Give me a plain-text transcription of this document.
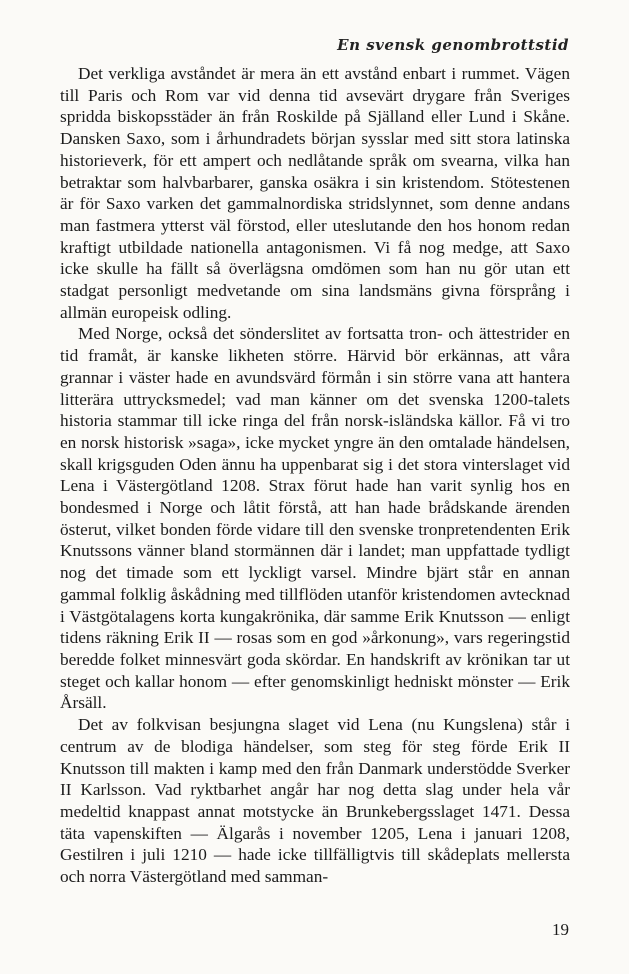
En svensk genombrottstid

Det verkliga avståndet är mera än ett avstånd enbart i rummet. Vägen till Paris och Rom var vid denna tid avsevärt drygare från Sveriges spridda biskopsstäder än från Roskilde på Själland eller Lund i Skåne. Dansken Saxo, som i århundradets början sysslar med sitt stora latinska historieverk, för ett ampert och nedlåtande språk om svearna, vilka han betraktar som halvbarbarer, ganska osäkra i sin kristendom. Stötestenen är för Saxo varken det gammalnordiska stridslynnet, som denne andans man fastmera ytterst väl förstod, eller uteslutande den hos honom redan kraftigt utbildade nationella antagonismen. Vi få nog medge, att Saxo icke skulle ha fällt så överlägsna omdömen som han nu gör utan ett stadgat personligt medvetande om sina landsmäns givna försprång i allmän europeisk odling.

Med Norge, också det sönderslitet av fortsatta tron- och ättestrider en tid framåt, är kanske likheten större. Härvid bör erkännas, att våra grannar i väster hade en avundsvärd förmån i sin större vana att hantera litterära uttrycksmedel; vad man känner om det svenska 1200-talets historia stammar till icke ringa del från norsk-isländska källor. Få vi tro en norsk historisk »saga», icke mycket yngre än den omtalade händelsen, skall krigsguden Oden ännu ha uppenbarat sig i det stora vinterslaget vid Lena i Västergötland 1208. Strax förut hade han varit synlig hos en bondesmed i Norge och låtit förstå, att han hade brådskande ärenden österut, vilket bonden förde vidare till den svenske tronpretendenten Erik Knutssons vänner bland stormännen där i landet; man uppfattade tydligt nog det timade som ett lyckligt varsel. Mindre bjärt står en annan gammal folklig åskådning med tillflöden utanför kristendomen avtecknad i Västgötalagens korta kungakrönika, där samme Erik Knutsson — enligt tidens räkning Erik II — rosas som en god »årkonung», vars regeringstid beredde folket minnesvärt goda skördar. En handskrift av krönikan tar ut steget och kallar honom — efter genomskinligt hedniskt mönster — Erik Årsäll.

Det av folkvisan besjungna slaget vid Lena (nu Kungslena) står i centrum av de blodiga händelser, som steg för steg förde Erik II Knutsson till makten i kamp med den från Danmark understödde Sverker II Karlsson. Vad ryktbarhet angår har nog detta slag under hela vår medeltid knappast annat motstycke än Brunkebergsslaget 1471. Dessa täta vapenskiften — Älgarås i november 1205, Lena i januari 1208, Gestilren i juli 1210 — hade icke tillfälligtvis till skådeplats mellersta och norra Västergötland med samman-

19
